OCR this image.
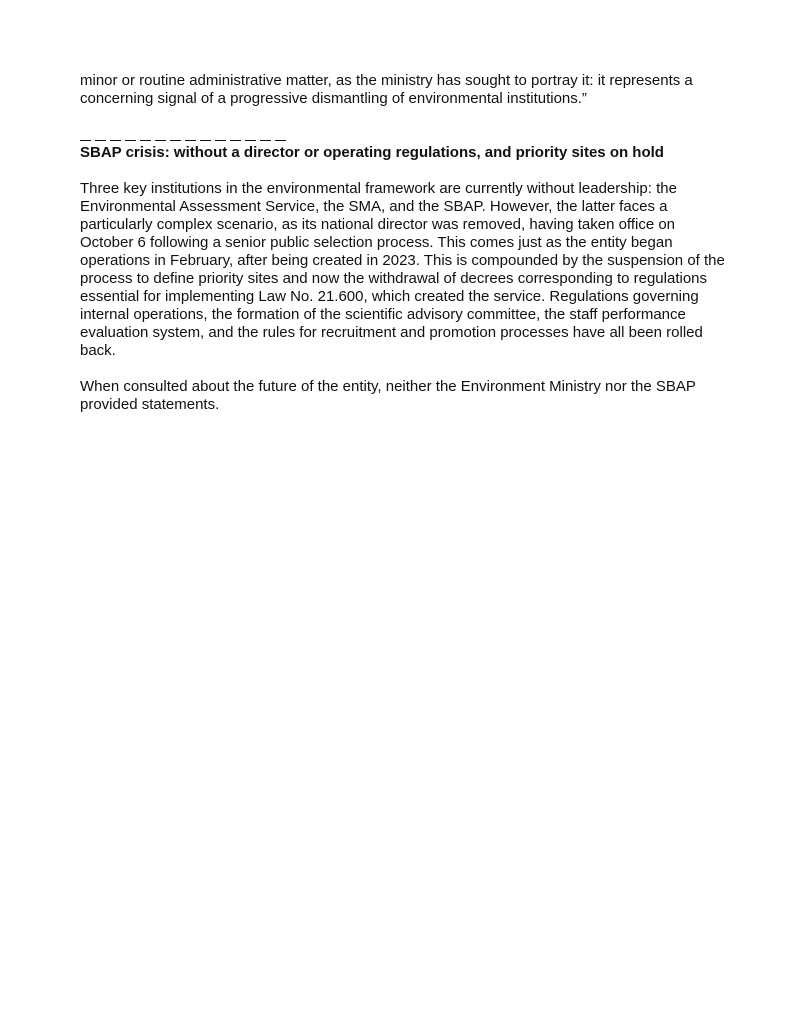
minor or routine administrative matter, as the ministry has sought to portray it: it represents a concerning signal of a progressive dismantling of environmental institutions.”

SBAP crisis: without a director or operating regulations, and priority sites on hold

Three key institutions in the environmental framework are currently without leadership: the Environmental Assessment Service, the SMA, and the SBAP. However, the latter faces a particularly complex scenario, as its national director was removed, having taken office on October 6 following a senior public selection process. This comes just as the entity began operations in February, after being created in 2023. This is compounded by the suspension of the process to define priority sites and now the withdrawal of decrees corresponding to regulations essential for implementing Law No. 21.600, which created the service. Regulations governing internal operations, the formation of the scientific advisory committee, the staff performance evaluation system, and the rules for recruitment and promotion processes have all been rolled back.

When consulted about the future of the entity, neither the Environment Ministry nor the SBAP provided statements.
